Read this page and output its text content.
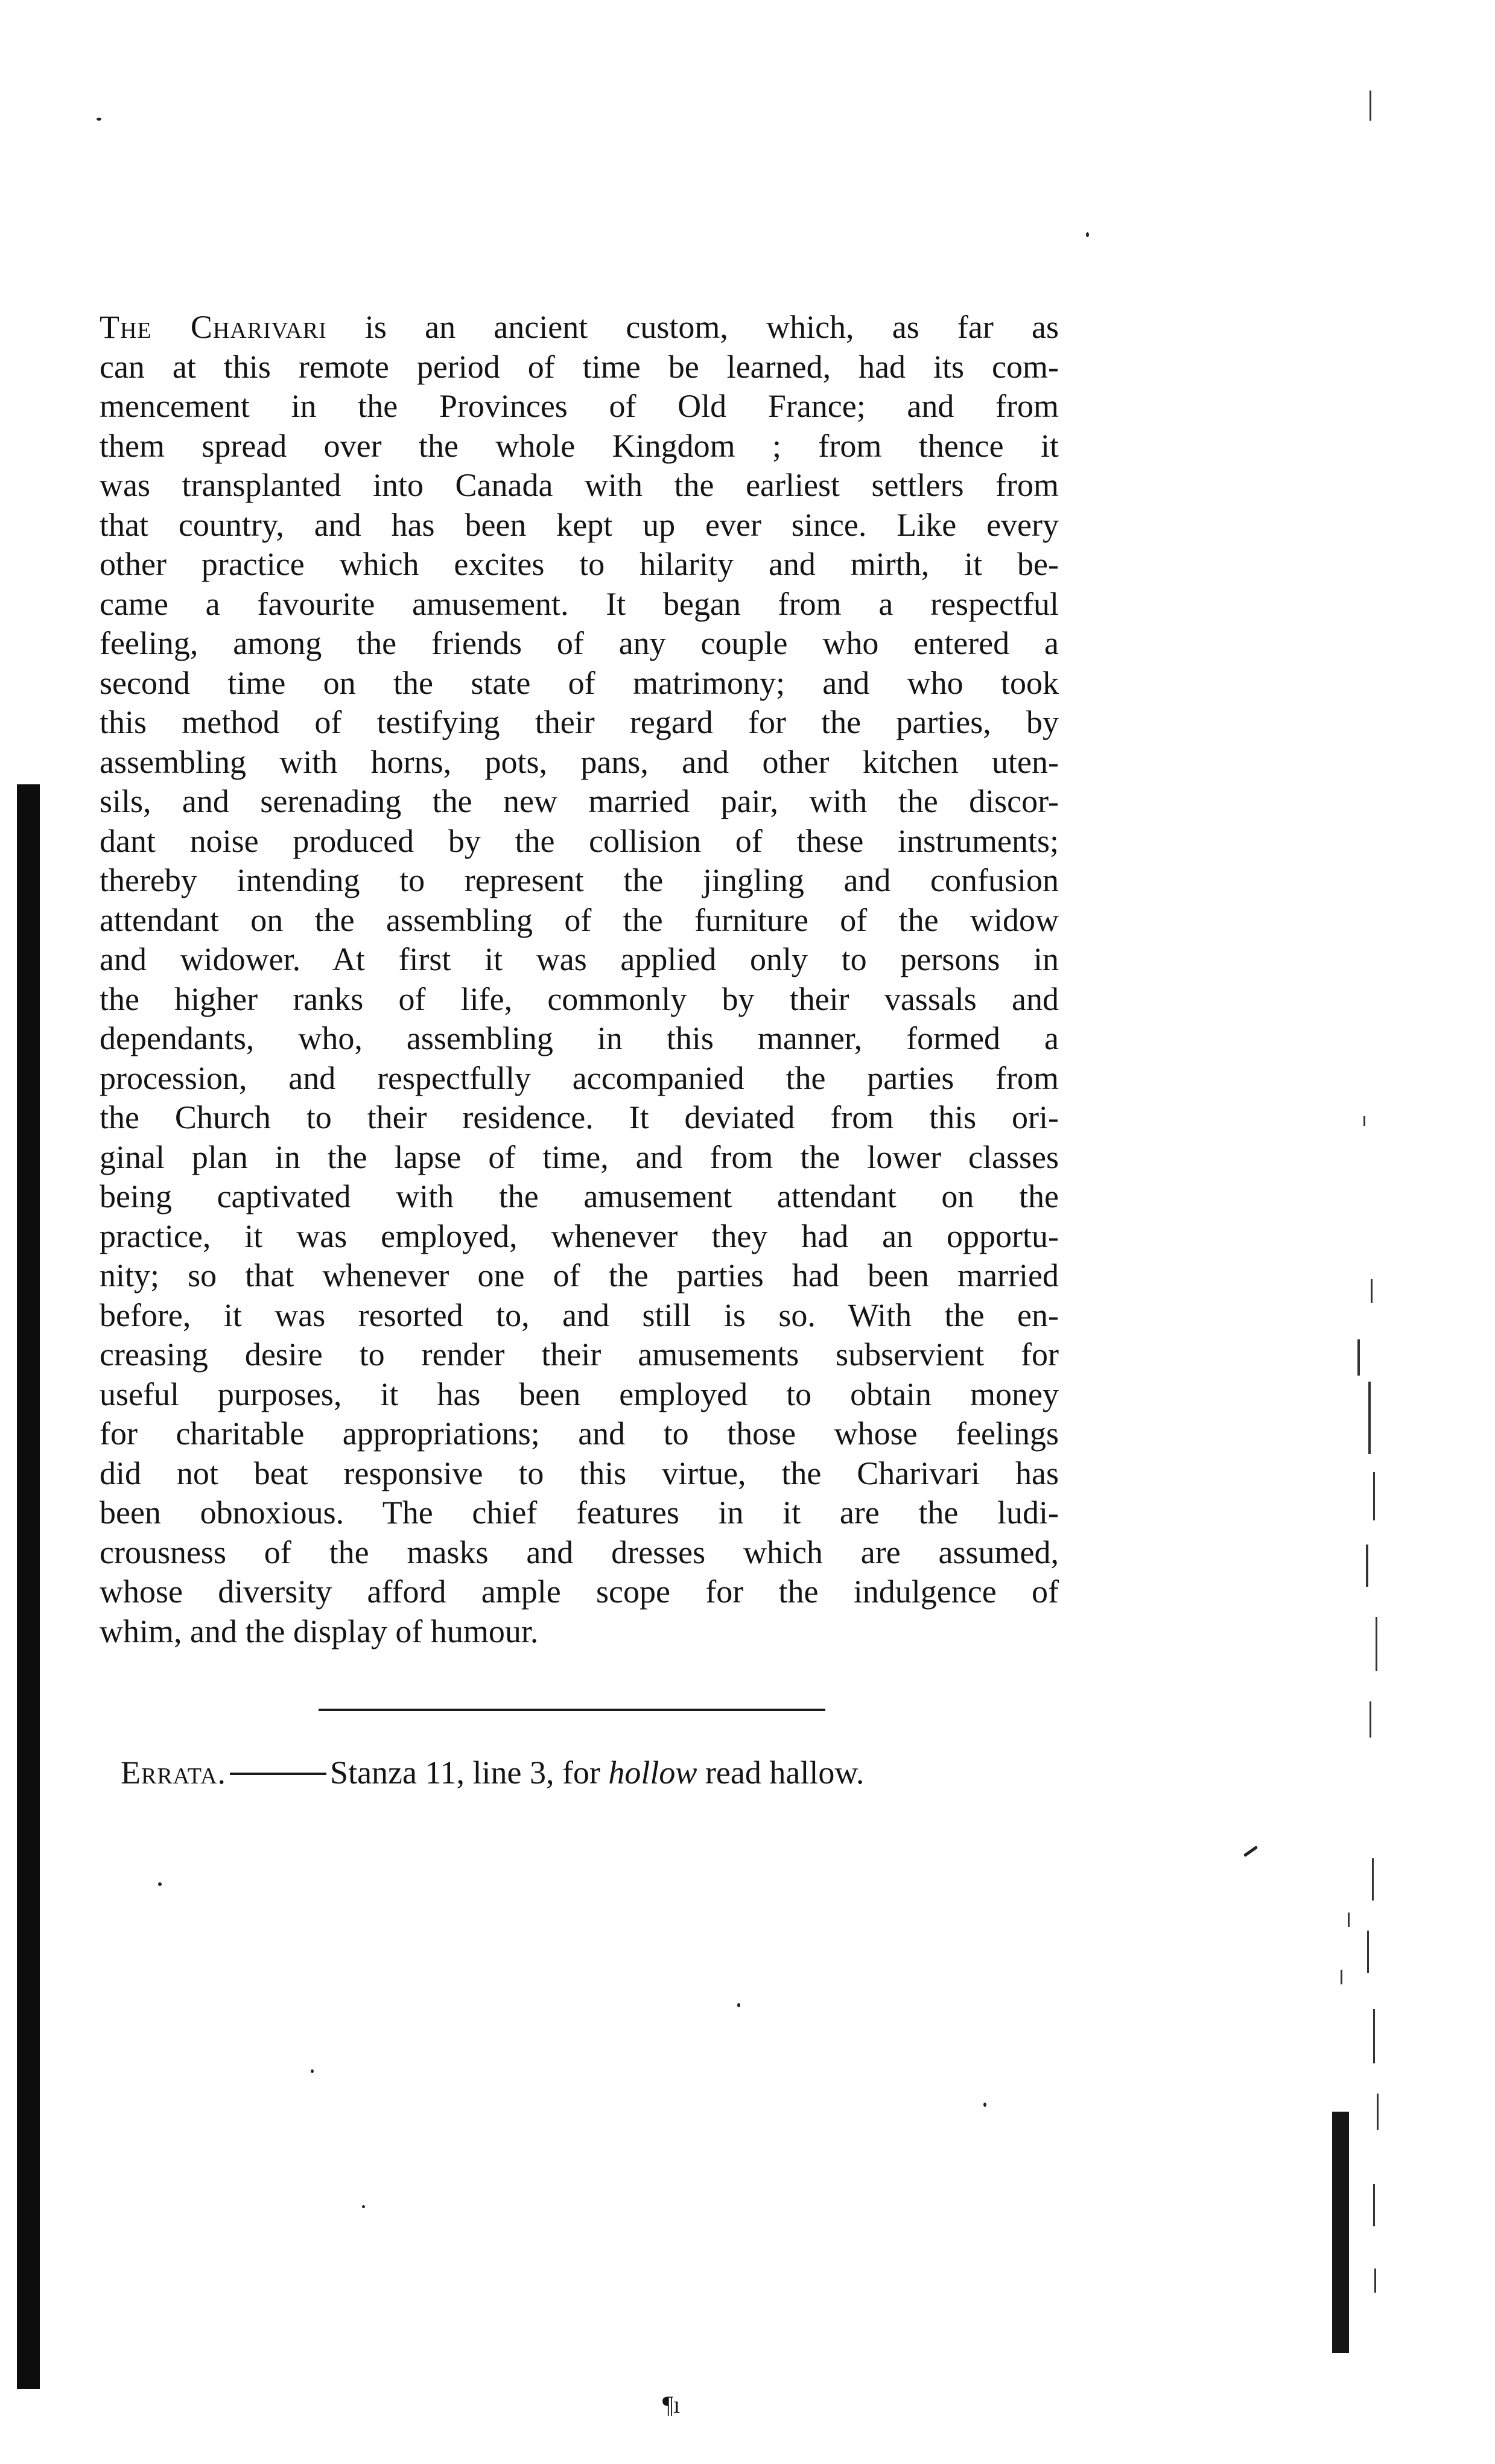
The Charivari is an ancient custom, which, as far as
can at this remote period of time be learned, had its com-
mencement in the Provinces of Old France; and from
them spread over the whole Kingdom ; from thence it
was transplanted into Canada with the earliest settlers from
that country, and has been kept up ever since. Like every
other practice which excites to hilarity and mirth, it be-
came a favourite amusement. It began from a respectful
feeling, among the friends of any couple who entered a
second time on the state of matrimony; and who took
this method of testifying their regard for the parties, by
assembling with horns, pots, pans, and other kitchen uten-
sils, and serenading the new married pair, with the discor-
dant noise produced by the collision of these instruments;
thereby intending to represent the jingling and confusion
attendant on the assembling of the furniture of the widow
and widower. At first it was applied only to persons in
the higher ranks of life, commonly by their vassals and
dependants, who, assembling in this manner, formed a
procession, and respectfully accompanied the parties from
the Church to their residence. It deviated from this ori-
ginal plan in the lapse of time, and from the lower classes
being captivated with the amusement attendant on the
practice, it was employed, whenever they had an opportu-
nity; so that whenever one of the parties had been married
before, it was resorted to, and still is so. With the en-
creasing desire to render their amusements subservient for
useful purposes, it has been employed to obtain money
for charitable appropriations; and to those whose feelings
did not beat responsive to this virtue, the Charivari has
been obnoxious. The chief features in it are the ludi-
crousness of the masks and dresses which are assumed,
whose diversity afford ample scope for the indulgence of
whim, and the display of humour.

Errata.	Stanza 11, line 3, for hollow read hallow.
¶ı
